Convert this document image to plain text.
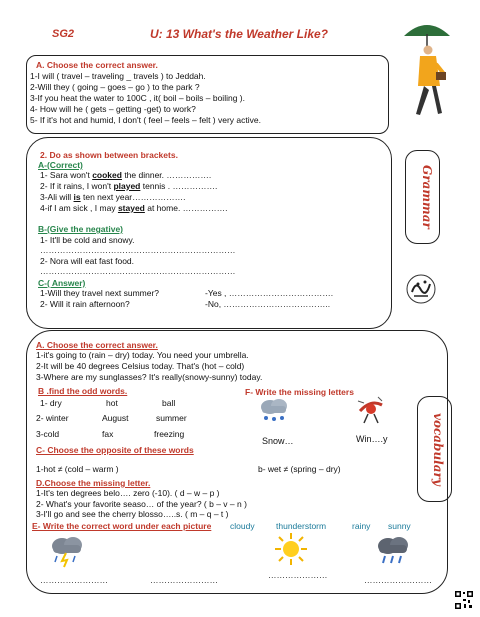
SG2	U: 13 What's the Weather Like?
A. Choose the correct answer.
1-I will ( travel – traveling _ travels ) to Jeddah.
2-Will they ( going – goes – go ) to the park ?
3-If you heat the water to 100C , it( boil – boils – boiling ).
4- How will he ( gets – getting -get) to work?
5- If it's hot and humid, I don't ( feel – feels – felt ) very active.
2. Do as shown between brackets.
A-(Correct)
1- Sara won't cooked the dinner. …………….
2- If it rains, I won't played tennis . …………….
3-Ali will is ten next year……………….
4-if I am sick , I may stayed at home. …………….
B-(Give the negative)
1- It'll be cold and snowy.
……………………………………………………………
2- Nora will eat fast food.
……………………………………………………………
C-( Answer)
1-Will they travel next summer?	-Yes , ……………………………….
2- Will it rain afternoon?	-No, ………………………………..
Grammar
A. Choose the correct answer.
1-it's going to (rain – dry) today. You need your umbrella.
2-It will be 40 degrees Celsius today. That's (hot – cold)
3-Where are my sunglasses? It's really(snowy-sunny) today.
B .find the odd words.
1- dry	hot	ball
2- winter	August	summer
3-cold	fax	freezing
F- Write the missing letters
Snow…	Win….y
C- Choose the opposite of these words
1-hot ≠ (cold – warm )	b- wet ≠ (spring – dry)
D.Choose the missing letter.
1-It's ten degrees belo…. zero (-10). ( d – w – p )
2- What's your favorite seaso… of the year? ( b – v – n )
3-I'll go and see the cherry blosso…..s. ( m – q – t )
E- Write the correct word under each picture cloudy	thunderstorm	rainy sunny
……………………	……………………	…………………	……………………
vocabulary
